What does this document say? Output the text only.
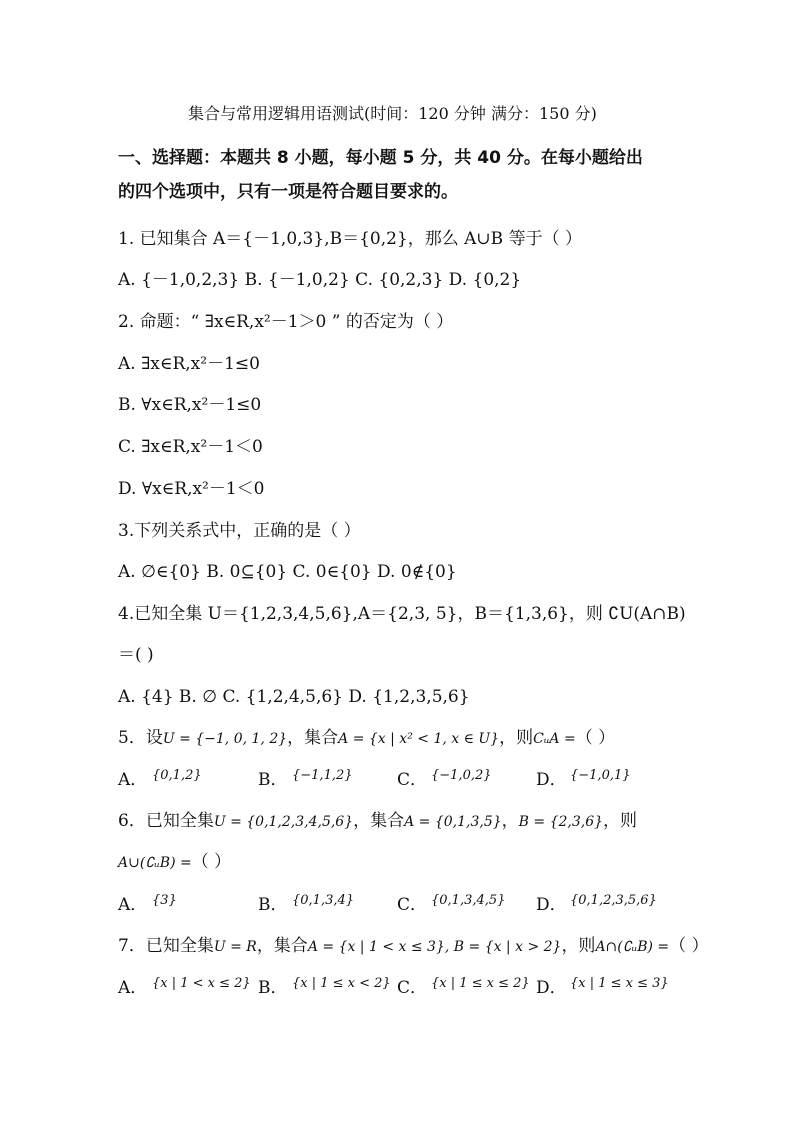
集合与常用逻辑用语测试(时间：120 分钟 满分：150 分)
一、选择题：本题共 8 小题，每小题 5 分，共 40 分。在每小题给出
的四个选项中，只有一项是符合题目要求的。
1. 已知集合 A＝{－1,0,3},B＝{0,2}，那么 A∪B 等于（ ）
A. {－1,0,2,3} B. {－1,0,2} C. {0,2,3} D. {0,2}
2. 命题：“ ∃x∈R,x²－1＞0 ” 的否定为（ ）
A. ∃x∈R,x²－1≤0
B. ∀x∈R,x²－1≤0
C. ∃x∈R,x²－1＜0
D. ∀x∈R,x²－1＜0
3.下列关系式中，正确的是（ ）
A. ∅∈{0} B. 0⊆{0} C. 0∈{0} D. 0∉{0}
4.已知全集 U＝{1,2,3,4,5,6},A＝{2,3, 5}，B＝{1,3,6}，则 ∁U(A∩B)
＝( )
A. {4} B. ∅ C. {1,2,4,5,6} D. {1,2,3,5,6}
5．设U = {−1, 0, 1, 2}，集合A = {x | x² < 1, x ∈ U}，则CᵤA =（ ）
A． {0,1,2}	B． {−1,1,2}	C． {−1,0,2}	D． {−1,0,1}
6．已知全集U = {0,1,2,3,4,5,6}，集合A = {0,1,3,5}，B = {2,3,6}，则
A∪(∁ᵤB) =（ ）
A． {3}	B． {0,1,3,4}	C． {0,1,3,4,5} D． {0,1,2,3,5,6}
7．已知全集U = R，集合A = {x | 1 < x ≤ 3}, B = {x | x > 2}，则A∩(∁ᵤB) =（ ）
A． {x | 1 < x ≤ 2} B． {x | 1 ≤ x < 2} C． {x | 1 ≤ x ≤ 2} D． {x | 1 ≤ x ≤ 3}
